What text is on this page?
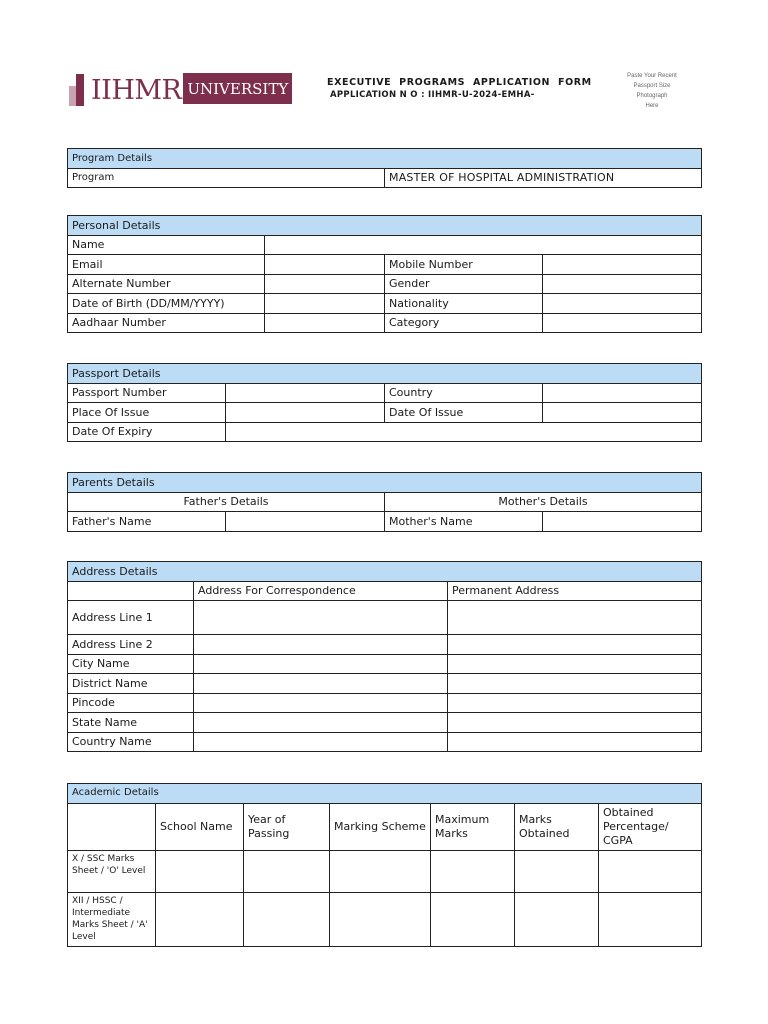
IIHMR UNIVERSITY	EXECUTIVE PROGRAMS APPLICATION FORM
APPLICATION N O : IIHMR-U-2024-EMHA-
Paste Your Recent
Passport Size
Photograph
Here
Program Details
Program	MASTER OF HOSPITAL ADMINISTRATION
Personal Details			
Name			
Email		Mobile Number	
Alternate Number		Gender	
Date of Birth (DD/MM/YYYY)		Nationality	
Aadhaar Number		Category	
Passport Details			
Passport Number		Country	
Place Of Issue		Date Of Issue	
Date Of Expiry			
Parents Details			
Father's Details		Mother's Details	
Father's Name		Mother's Name	
Address Details		
	Address For Correspondence	Permanent Address
Address Line 1		
Address Line 2		
City Name		
District Name		
Pincode		
State Name		
Country Name		
Academic Details						
	School Name	Year of Passing	Marking Scheme	Maximum Marks	Marks Obtained	Obtained Percentage/ CGPA
X / SSC Marks Sheet / 'O' Level						
XII / HSSC / Intermediate Marks Sheet / 'A' Level						
